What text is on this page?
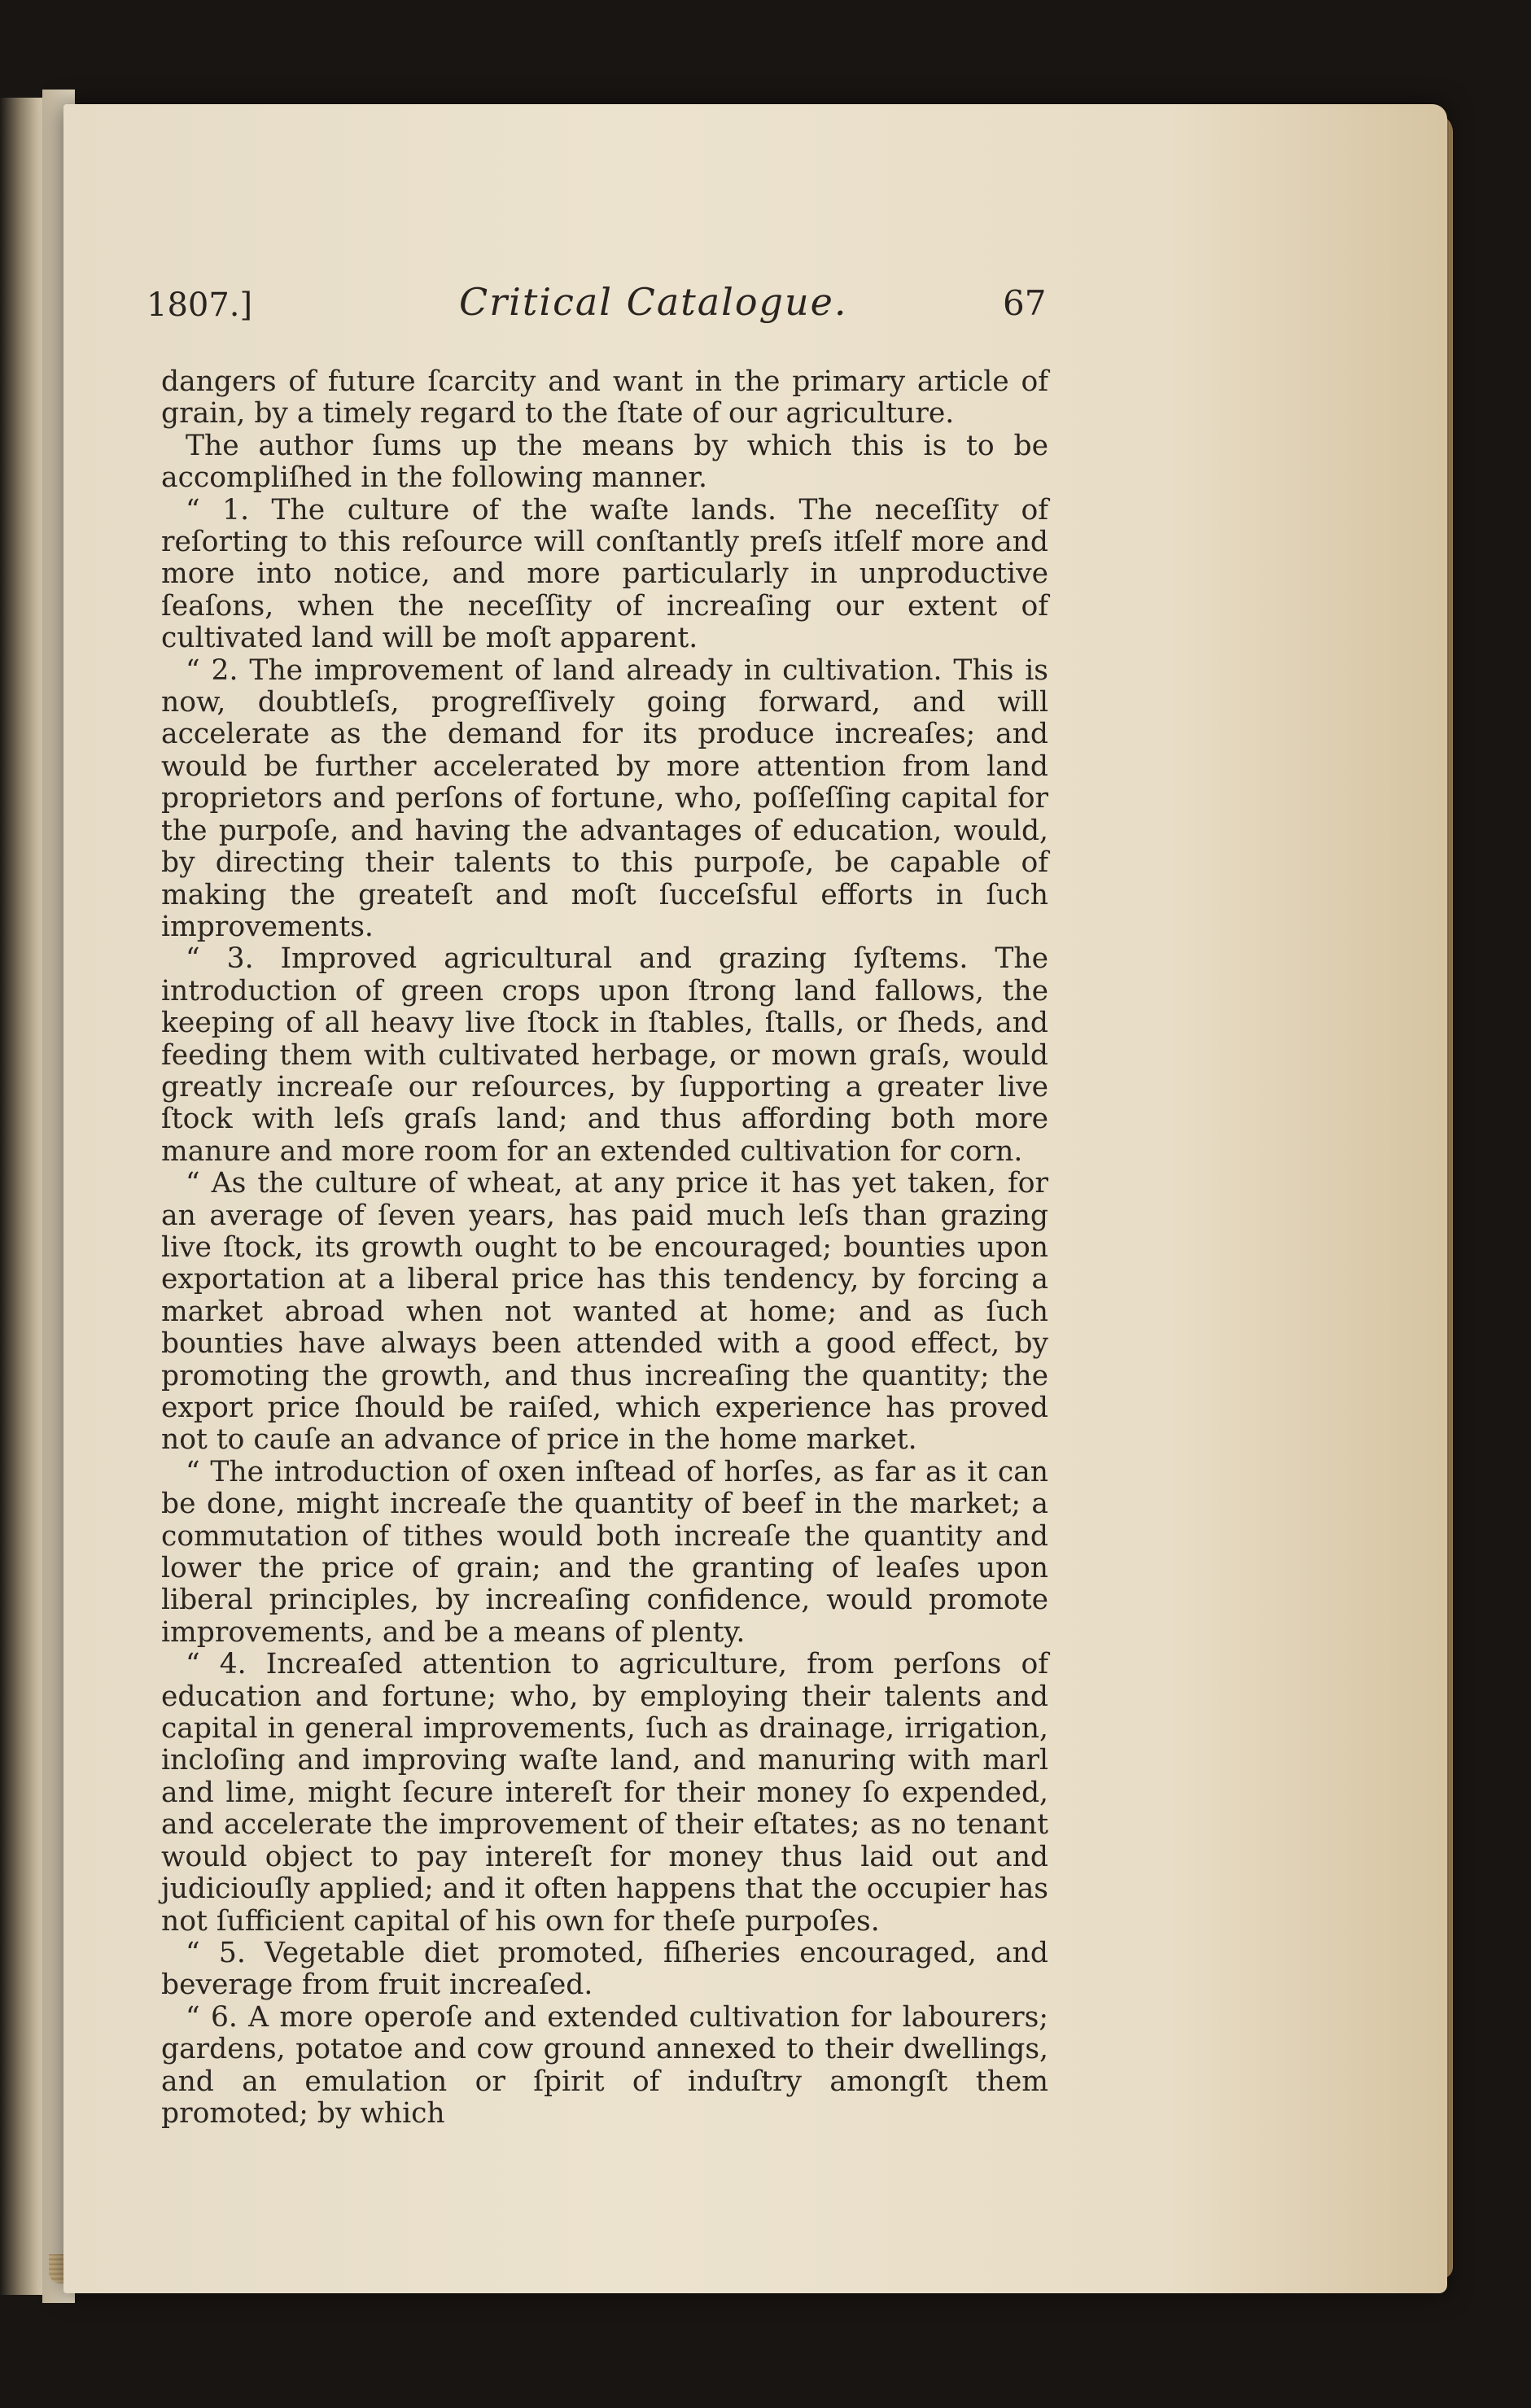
1807.]	Critical Catalogue.	67

dangers of future ſcarcity and want in the primary article of grain, by a timely regard to the ſtate of our agriculture.

The author ſums up the means by which this is to be accompliſhed in the following manner.

“ 1. The culture of the waſte lands. The neceſſity of reſorting to this reſource will conſtantly preſs itſelf more and more into notice, and more particularly in unproductive ſeaſons, when the neceſſity of increaſing our extent of cultivated land will be moſt apparent.

“ 2. The improvement of land already in cultivation. This is now, doubtleſs, progreſſively going forward, and will accelerate as the demand for its produce increaſes; and would be further accelerated by more attention from land proprietors and perſons of fortune, who, poſſeſſing capital for the purpoſe, and having the advantages of education, would, by directing their talents to this purpoſe, be capable of making the greateſt and moſt ſucceſsful efforts in ſuch improvements.

“ 3. Improved agricultural and grazing ſyſtems. The introduction of green crops upon ſtrong land fallows, the keeping of all heavy live ſtock in ſtables, ſtalls, or ſheds, and feeding them with cultivated herbage, or mown graſs, would greatly increaſe our reſources, by ſupporting a greater live ſtock with leſs graſs land; and thus affording both more manure and more room for an extended cultivation for corn.

“ As the culture of wheat, at any price it has yet taken, for an average of ſeven years, has paid much leſs than grazing live ſtock, its growth ought to be encouraged; bounties upon exportation at a liberal price has this tendency, by forcing a market abroad when not wanted at home; and as ſuch bounties have always been attended with a good effect, by promoting the growth, and thus increaſing the quantity; the export price ſhould be raiſed, which experience has proved not to cauſe an advance of price in the home market.

“ The introduction of oxen inſtead of horſes, as far as it can be done, might increaſe the quantity of beef in the market; a commutation of tithes would both increaſe the quantity and lower the price of grain; and the granting of leaſes upon liberal principles, by increaſing confidence, would promote improvements, and be a means of plenty.

“ 4. Increaſed attention to agriculture, from perſons of education and fortune; who, by employing their talents and capital in general improvements, ſuch as drainage, irrigation, incloſing and improving waſte land, and manuring with marl and lime, might ſecure intereſt for their money ſo expended, and accelerate the improvement of their eſtates; as no tenant would object to pay intereſt for money thus laid out and judiciouſly applied; and it often happens that the occupier has not ſufficient capital of his own for theſe purpoſes.

“ 5. Vegetable diet promoted, fiſheries encouraged, and beverage from fruit increaſed.

“ 6. A more operoſe and extended cultivation for labourers; gardens, potatoe and cow ground annexed to their dwellings, and an emulation or ſpirit of induſtry amongſt them promoted; by which
